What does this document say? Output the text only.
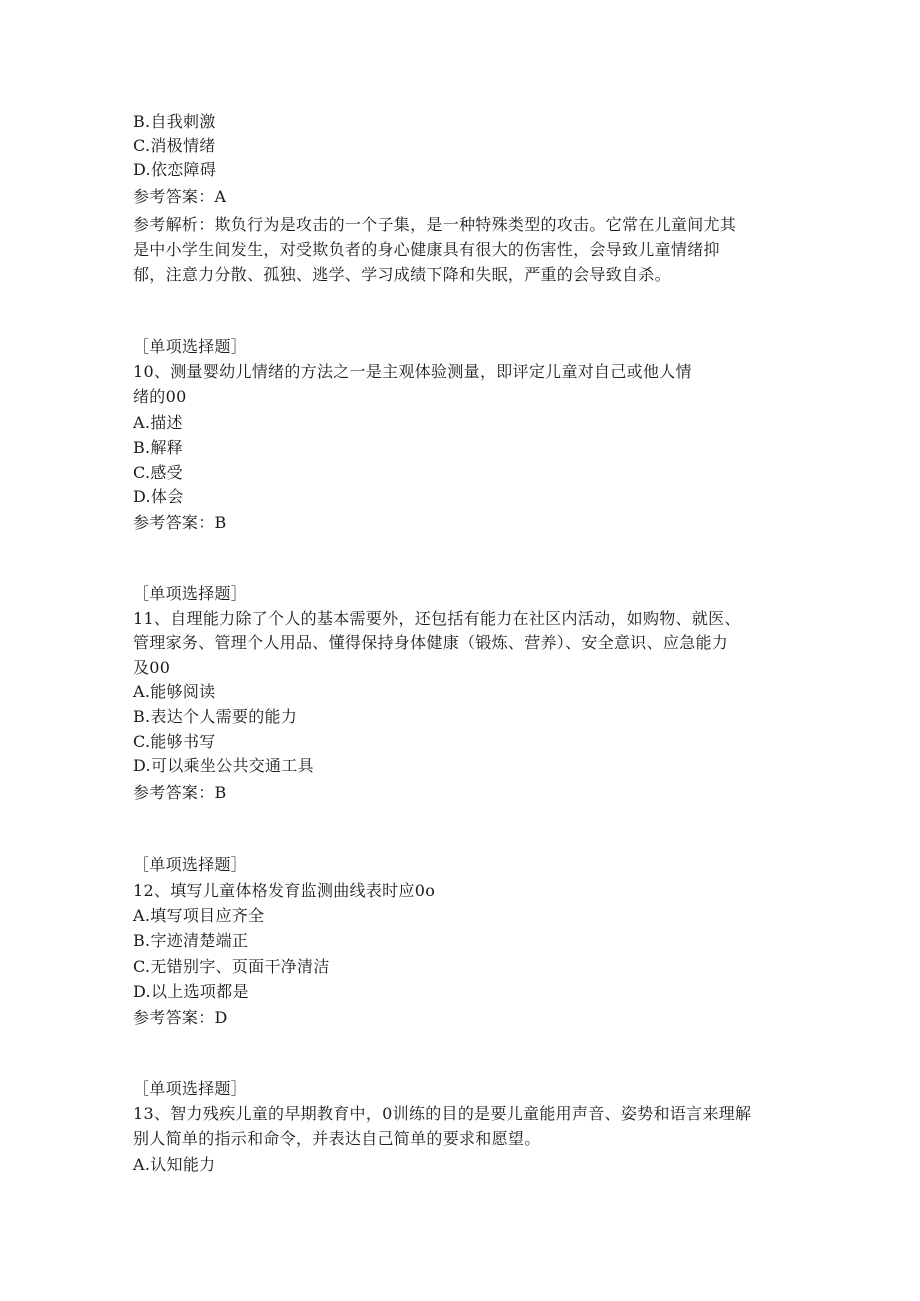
B.自我刺激
C.消极情绪
D.依恋障碍
参考答案：A
参考解析：欺负行为是攻击的一个子集，是一种特殊类型的攻击。它常在儿童间尤其
是中小学生间发生，对受欺负者的身心健康具有很大的伤害性，会导致儿童情绪抑
郁，注意力分散、孤独、逃学、学习成绩下降和失眠，严重的会导致自杀。
［单项选择题］
10、测量婴幼儿情绪的方法之一是主观体验测量，即评定儿童对自己或他人情
绪的00
A.描述
B.解释
C.感受
D.体会
参考答案：B
［单项选择题］
11、自理能力除了个人的基本需要外，还包括有能力在社区内活动，如购物、就医、
管理家务、管理个人用品、懂得保持身体健康（锻炼、营养）、安全意识、应急能力
及00
A.能够阅读
B.表达个人需要的能力
C.能够书写
D.可以乘坐公共交通工具
参考答案：B
［单项选择题］
12、填写儿童体格发育监测曲线表时应0o
A.填写项目应齐全
B.字迹清楚端正
C.无错别字、页面干净清洁
D.以上选项都是
参考答案：D
［单项选择题］
13、智力残疾儿童的早期教育中，0训练的目的是要儿童能用声音、姿势和语言来理解
别人简单的指示和命令，并表达自己简单的要求和愿望。
A.认知能力
